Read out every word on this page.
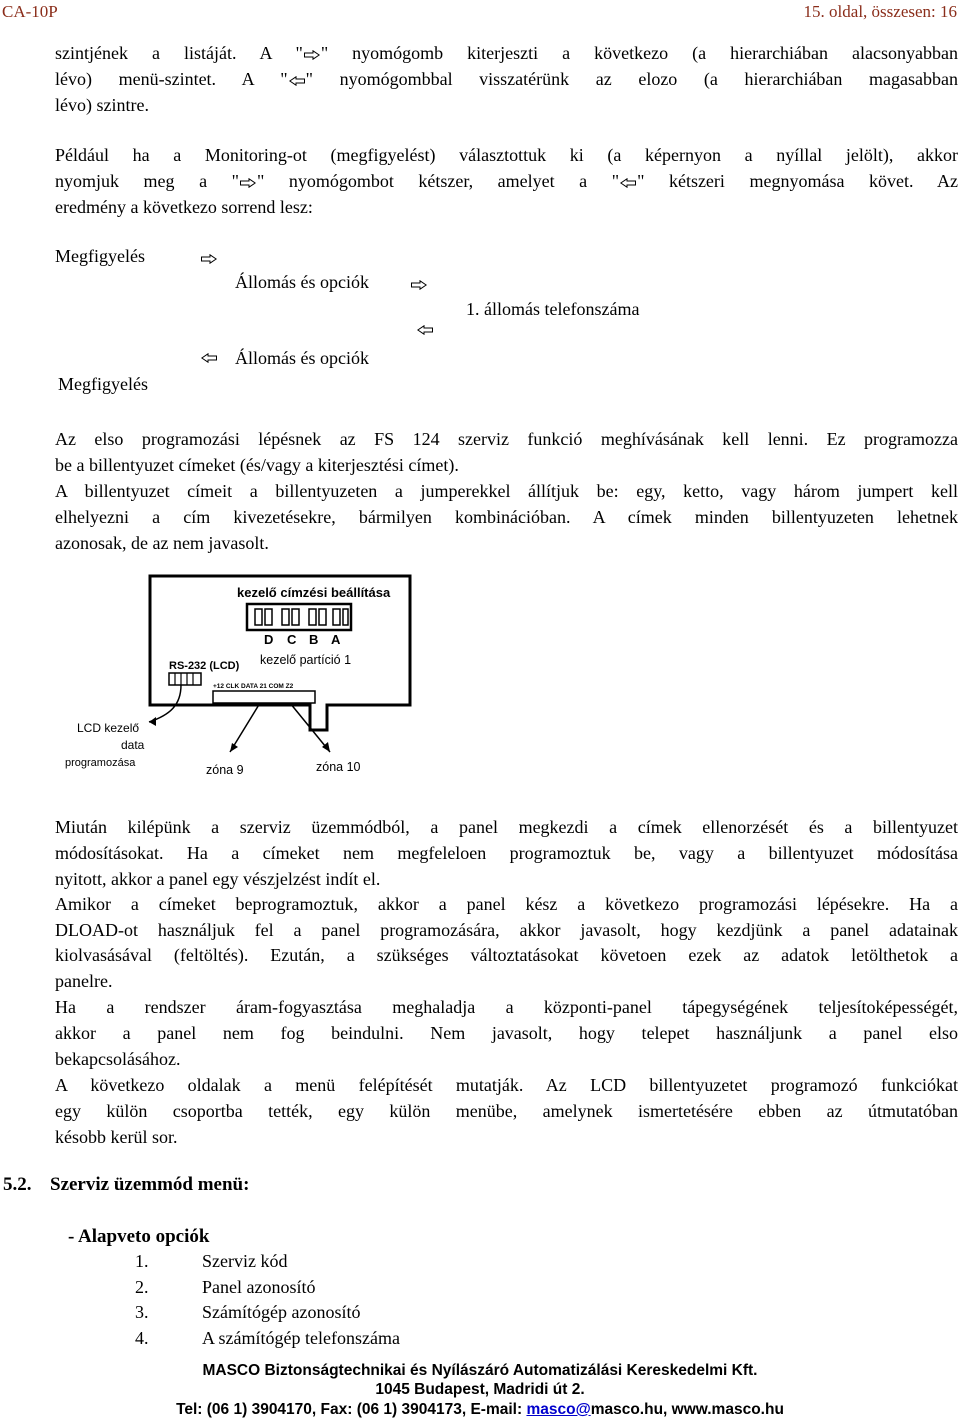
CA-10P	15. oldal, összesen: 16
szintjének a listáját. A " " nyomógomb kiterjeszti a következo (a hierarchiában alacsonyabban
lévo) menü-szintet. A " " nyomógombbal visszatérünk az elozo (a hierarchiában magasabban
lévo) szintre.
Például ha a Monitoring-ot (megfigyelést) választottuk ki (a képernyon a nyíllal jelölt), akkor
nyomjuk meg a " " nyomógombot kétszer, amelyet a " " kétszeri megnyomása követ. Az
eredmény a következo sorrend lesz:
Megfigyelés
Állomás és opciók
1. állomás telefonszáma
Állomás és opciók
Megfigyelés
Az elso programozási lépésnek az FS 124 szerviz funkció meghívásának kell lenni. Ez programozza
be a billentyuzet címeket (és/vagy a kiterjesztési címet).
A billentyuzet címeit a billentyuzeten a jumperekkel állítjuk be: egy, ketto, vagy három jumpert kell
elhelyezni a cím kivezetésekre, bármilyen kombinációban. A címek minden billentyuzeten lehetnek
azonosak, de az nem javasolt.
kezelő címzési beállítása
D C B A
kezelő partíció 1
RS-232 (LCD)
+12 CLK DATA 21 COM Z2
LCD kezelő
data
programozása	zóna 9	zóna 10
Miután kilépünk a szerviz üzemmódból, a panel megkezdi a címek ellenorzését és a billentyuzet
módosításokat. Ha a címeket nem megfeleloen programoztuk be, vagy a billentyuzet módosítása
nyitott, akkor a panel egy vészjelzést indít el.
Amikor a címeket beprogramoztuk, akkor a panel kész a következo programozási lépésekre. Ha a
DLOAD-ot használjuk fel a panel programozására, akkor javasolt, hogy kezdjünk a panel adatainak
kiolvasásával (feltöltés). Ezután, a szükséges változtatásokat követoen ezek az adatok letölthetok a
panelre.
Ha a rendszer áram-fogyasztása meghaladja a központi-panel tápegységének teljesítoképességét,
akkor a panel nem fog beindulni. Nem javasolt, hogy telepet használjunk a panel elso
bekapcsolásához.
A következo oldalak a menü felépítését mutatják. Az LCD billentyuzetet programozó funkciókat
egy külön csoportba tették, egy külön menübe, amelynek ismertetésére ebben az útmutatóban
késobb kerül sor.
5.2. Szerviz üzemmód menü:
- Alapveto opciók
1.	Szerviz kód
2.	Panel azonosító
3.	Számítógép azonosító
4.	A számítógép telefonszáma
MASCO Biztonságtechnikai és Nyílászáró Automatizálási Kereskedelmi Kft.
1045 Budapest, Madridi út 2.
Tel: (06 1) 3904170, Fax: (06 1) 3904173, E-mail: masco@masco.hu, www.masco.hu
